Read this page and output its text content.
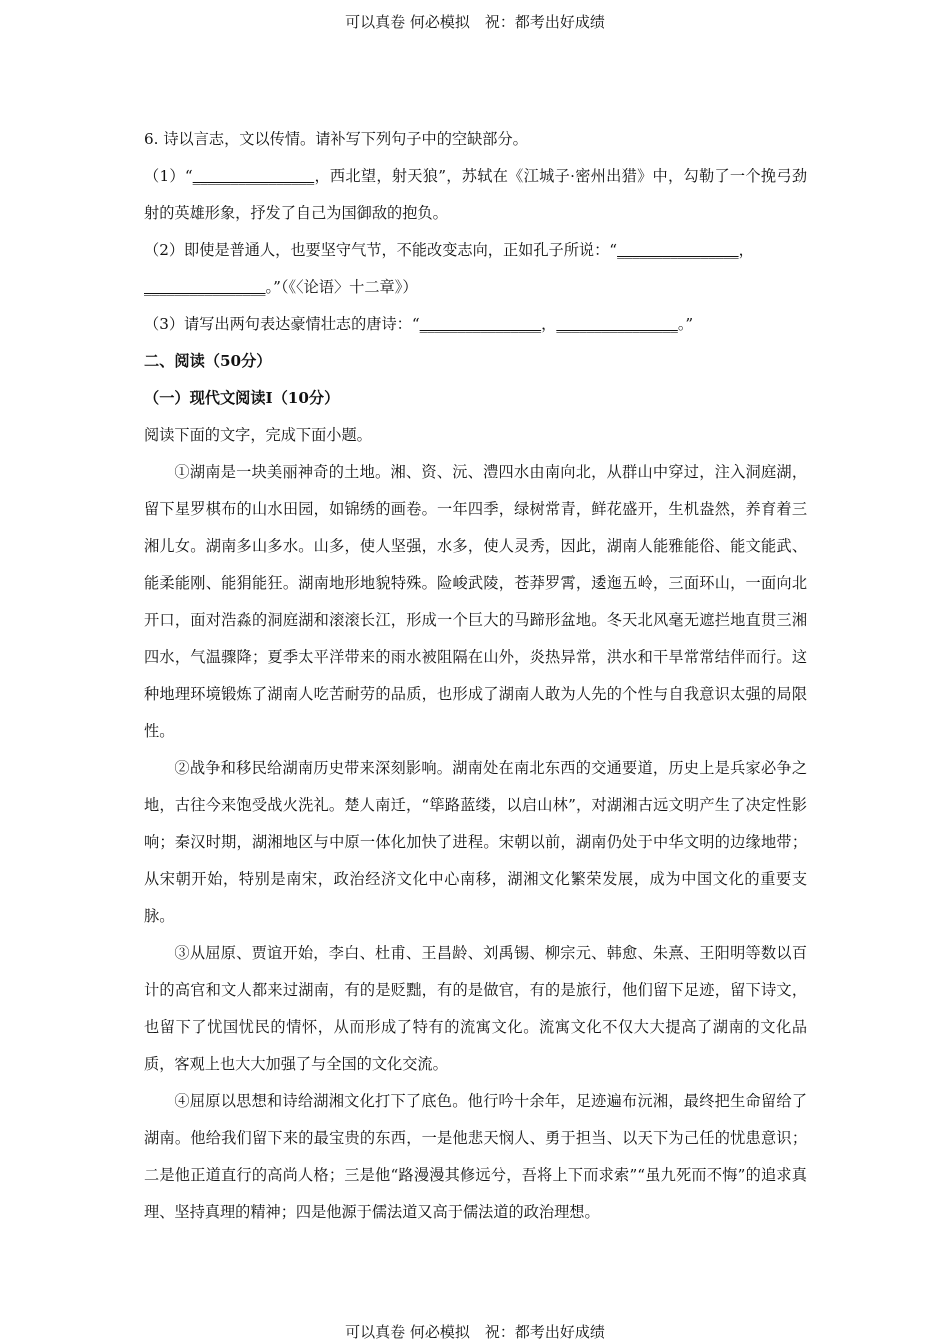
可以真卷 何必模拟　祝：都考出好成绩

6. 诗以言志，文以传情。请补写下列句子中的空缺部分。

（1）“________________，西北望，射天狼”，苏轼在《江城子·密州出猎》中，勾勒了一个挽弓劲射的英雄形象，抒发了自己为国御敌的抱负。

（2）即使是普通人，也要坚守气节，不能改变志向，正如孔子所说：“________________，
________________。”（《〈论语〉十二章》）

（3）请写出两句表达豪情壮志的唐诗：“________________，________________。”

二、阅读（50分）

（一）现代文阅读Ⅰ（10分）

阅读下面的文字，完成下面小题。

①湖南是一块美丽神奇的土地。湘、资、沅、澧四水由南向北，从群山中穿过，注入洞庭湖，留下星罗棋布的山水田园，如锦绣的画卷。一年四季，绿树常青，鲜花盛开，生机盎然，养育着三湘儿女。湖南多山多水。山多，使人坚强，水多，使人灵秀，因此，湖南人能雅能俗、能文能武、能柔能刚、能狷能狂。湖南地形地貌特殊。险峻武陵，苍莽罗霄，逶迤五岭，三面环山，一面向北开口，面对浩淼的洞庭湖和滚滚长江，形成一个巨大的马蹄形盆地。冬天北风毫无遮拦地直贯三湘四水，气温骤降；夏季太平洋带来的雨水被阻隔在山外，炎热异常，洪水和干旱常常结伴而行。这种地理环境锻炼了湖南人吃苦耐劳的品质，也形成了湖南人敢为人先的个性与自我意识太强的局限性。

②战争和移民给湖南历史带来深刻影响。湖南处在南北东西的交通要道，历史上是兵家必争之地，古往今来饱受战火洗礼。楚人南迁，“筚路蓝缕，以启山林”，对湖湘古远文明产生了决定性影响；秦汉时期，湖湘地区与中原一体化加快了进程。宋朝以前，湖南仍处于中华文明的边缘地带；从宋朝开始，特别是南宋，政治经济文化中心南移，湖湘文化繁荣发展，成为中国文化的重要支脉。

③从屈原、贾谊开始，李白、杜甫、王昌龄、刘禹锡、柳宗元、韩愈、朱熹、王阳明等数以百计的高官和文人都来过湖南，有的是贬黜，有的是做官，有的是旅行，他们留下足迹，留下诗文，也留下了忧国忧民的情怀，从而形成了特有的流寓文化。流寓文化不仅大大提高了湖南的文化品质，客观上也大大加强了与全国的文化交流。

④屈原以思想和诗给湖湘文化打下了底色。他行吟十余年，足迹遍布沅湘，最终把生命留给了湖南。他给我们留下来的最宝贵的东西，一是他悲天悯人、勇于担当、以天下为己任的忧患意识；二是他正道直行的高尚人格；三是他“路漫漫其修远兮，吾将上下而求索”“虽九死而不悔”的追求真理、坚持真理的精神；四是他源于儒法道又高于儒法道的政治理想。

可以真卷 何必模拟　祝：都考出好成绩
